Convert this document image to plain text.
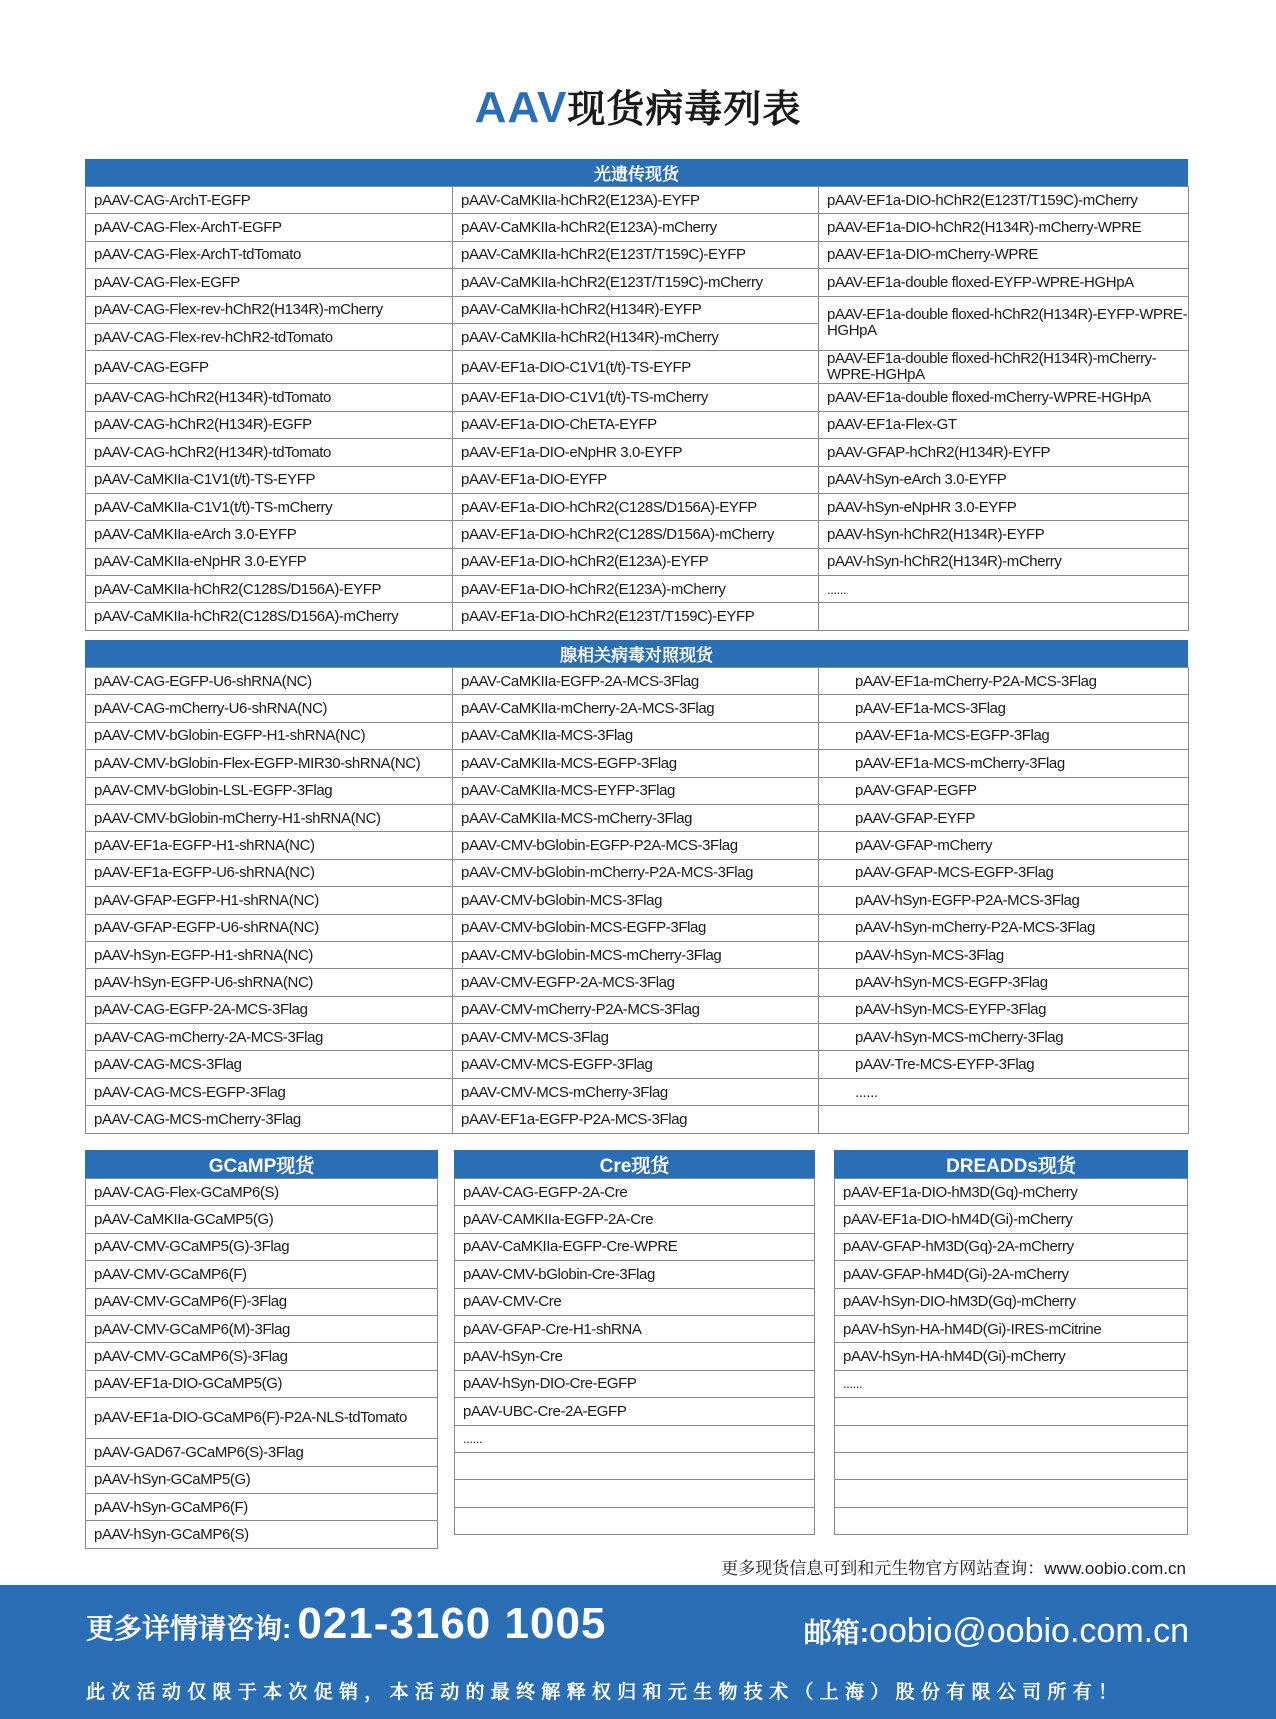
AAV现货病毒列表
光遗传现货
pAAV-CAG-ArchT-EGFP	pAAV-CaMKIIa-hChR2(E123A)-EYFP	pAAV-EF1a-DIO-hChR2(E123T/T159C)-mCherry
pAAV-CAG-Flex-ArchT-EGFP	pAAV-CaMKIIa-hChR2(E123A)-mCherry	pAAV-EF1a-DIO-hChR2(H134R)-mCherry-WPRE
pAAV-CAG-Flex-ArchT-tdTomato	pAAV-CaMKIIa-hChR2(E123T/T159C)-EYFP	pAAV-EF1a-DIO-mCherry-WPRE
pAAV-CAG-Flex-EGFP	pAAV-CaMKIIa-hChR2(E123T/T159C)-mCherry	pAAV-EF1a-double floxed-EYFP-WPRE-HGHpA
pAAV-CAG-Flex-rev-hChR2(H134R)-mCherry	pAAV-CaMKIIa-hChR2(H134R)-EYFP	pAAV-EF1a-double floxed-hChR2(H134R)-EYFP-WPRE-HGHpA
pAAV-CAG-Flex-rev-hChR2-tdTomato	pAAV-CaMKIIa-hChR2(H134R)-mCherry	
pAAV-CAG-EGFP	pAAV-EF1a-DIO-C1V1(t/t)-TS-EYFP	pAAV-EF1a-double floxed-hChR2(H134R)-mCherry-WPRE-HGHpA
pAAV-CAG-hChR2(H134R)-tdTomato	pAAV-EF1a-DIO-C1V1(t/t)-TS-mCherry	pAAV-EF1a-double floxed-mCherry-WPRE-HGHpA
pAAV-CAG-hChR2(H134R)-EGFP	pAAV-EF1a-DIO-ChETA-EYFP	pAAV-EF1a-Flex-GT
pAAV-CAG-hChR2(H134R)-tdTomato	pAAV-EF1a-DIO-eNpHR 3.0-EYFP	pAAV-GFAP-hChR2(H134R)-EYFP
pAAV-CaMKIIa-C1V1(t/t)-TS-EYFP	pAAV-EF1a-DIO-EYFP	pAAV-hSyn-eArch 3.0-EYFP
pAAV-CaMKIIa-C1V1(t/t)-TS-mCherry	pAAV-EF1a-DIO-hChR2(C128S/D156A)-EYFP	pAAV-hSyn-eNpHR 3.0-EYFP
pAAV-CaMKIIa-eArch 3.0-EYFP	pAAV-EF1a-DIO-hChR2(C128S/D156A)-mCherry	pAAV-hSyn-hChR2(H134R)-EYFP
pAAV-CaMKIIa-eNpHR 3.0-EYFP	pAAV-EF1a-DIO-hChR2(E123A)-EYFP	pAAV-hSyn-hChR2(H134R)-mCherry
pAAV-CaMKIIa-hChR2(C128S/D156A)-EYFP	pAAV-EF1a-DIO-hChR2(E123A)-mCherry	......
pAAV-CaMKIIa-hChR2(C128S/D156A)-mCherry	pAAV-EF1a-DIO-hChR2(E123T/T159C)-EYFP	
腺相关病毒对照现货
pAAV-CAG-EGFP-U6-shRNA(NC)	pAAV-CaMKIIa-EGFP-2A-MCS-3Flag	pAAV-EF1a-mCherry-P2A-MCS-3Flag
pAAV-CAG-mCherry-U6-shRNA(NC)	pAAV-CaMKIIa-mCherry-2A-MCS-3Flag	pAAV-EF1a-MCS-3Flag
pAAV-CMV-bGlobin-EGFP-H1-shRNA(NC)	pAAV-CaMKIIa-MCS-3Flag	pAAV-EF1a-MCS-EGFP-3Flag
pAAV-CMV-bGlobin-Flex-EGFP-MIR30-shRNA(NC)	pAAV-CaMKIIa-MCS-EGFP-3Flag	pAAV-EF1a-MCS-mCherry-3Flag
pAAV-CMV-bGlobin-LSL-EGFP-3Flag	pAAV-CaMKIIa-MCS-EYFP-3Flag	pAAV-GFAP-EGFP
pAAV-CMV-bGlobin-mCherry-H1-shRNA(NC)	pAAV-CaMKIIa-MCS-mCherry-3Flag	pAAV-GFAP-EYFP
pAAV-EF1a-EGFP-H1-shRNA(NC)	pAAV-CMV-bGlobin-EGFP-P2A-MCS-3Flag	pAAV-GFAP-mCherry
pAAV-EF1a-EGFP-U6-shRNA(NC)	pAAV-CMV-bGlobin-mCherry-P2A-MCS-3Flag	pAAV-GFAP-MCS-EGFP-3Flag
pAAV-GFAP-EGFP-H1-shRNA(NC)	pAAV-CMV-bGlobin-MCS-3Flag	pAAV-hSyn-EGFP-P2A-MCS-3Flag
pAAV-GFAP-EGFP-U6-shRNA(NC)	pAAV-CMV-bGlobin-MCS-EGFP-3Flag	pAAV-hSyn-mCherry-P2A-MCS-3Flag
pAAV-hSyn-EGFP-H1-shRNA(NC)	pAAV-CMV-bGlobin-MCS-mCherry-3Flag	pAAV-hSyn-MCS-3Flag
pAAV-hSyn-EGFP-U6-shRNA(NC)	pAAV-CMV-EGFP-2A-MCS-3Flag	pAAV-hSyn-MCS-EGFP-3Flag
pAAV-CAG-EGFP-2A-MCS-3Flag	pAAV-CMV-mCherry-P2A-MCS-3Flag	pAAV-hSyn-MCS-EYFP-3Flag
pAAV-CAG-mCherry-2A-MCS-3Flag	pAAV-CMV-MCS-3Flag	pAAV-hSyn-MCS-mCherry-3Flag
pAAV-CAG-MCS-3Flag	pAAV-CMV-MCS-EGFP-3Flag	pAAV-Tre-MCS-EYFP-3Flag
pAAV-CAG-MCS-EGFP-3Flag	pAAV-CMV-MCS-mCherry-3Flag	......
pAAV-CAG-MCS-mCherry-3Flag	pAAV-EF1a-EGFP-P2A-MCS-3Flag	
GCaMP现货
pAAV-CAG-Flex-GCaMP6(S)
pAAV-CaMKIIa-GCaMP5(G)
pAAV-CMV-GCaMP5(G)-3Flag
pAAV-CMV-GCaMP6(F)
pAAV-CMV-GCaMP6(F)-3Flag
pAAV-CMV-GCaMP6(M)-3Flag
pAAV-CMV-GCaMP6(S)-3Flag
pAAV-EF1a-DIO-GCaMP5(G)
pAAV-EF1a-DIO-GCaMP6(F)-P2A-NLS-tdTomato
pAAV-GAD67-GCaMP6(S)-3Flag
pAAV-hSyn-GCaMP5(G)
pAAV-hSyn-GCaMP6(F)
pAAV-hSyn-GCaMP6(S)
Cre现货
pAAV-CAG-EGFP-2A-Cre
pAAV-CAMKIIa-EGFP-2A-Cre
pAAV-CaMKIIa-EGFP-Cre-WPRE
pAAV-CMV-bGlobin-Cre-3Flag
pAAV-CMV-Cre
pAAV-GFAP-Cre-H1-shRNA
pAAV-hSyn-Cre
pAAV-hSyn-DIO-Cre-EGFP
pAAV-UBC-Cre-2A-EGFP
......

DREADDs现货
pAAV-EF1a-DIO-hM3D(Gq)-mCherry
pAAV-EF1a-DIO-hM4D(Gi)-mCherry
pAAV-GFAP-hM3D(Gq)-2A-mCherry
pAAV-GFAP-hM4D(Gi)-2A-mCherry
pAAV-hSyn-DIO-hM3D(Gq)-mCherry
pAAV-hSyn-HA-hM4D(Gi)-IRES-mCitrine
pAAV-hSyn-HA-hM4D(Gi)-mCherry
......

更多现货信息可到和元生物官方网站查询：www.oobio.com.cn
更多详情请咨询: 021-3160 1005	邮箱:oobio@oobio.com.cn
此次活动仅限于本次促销，本活动的最终解释权归和元生物技术（上海）股份有限公司所有！
